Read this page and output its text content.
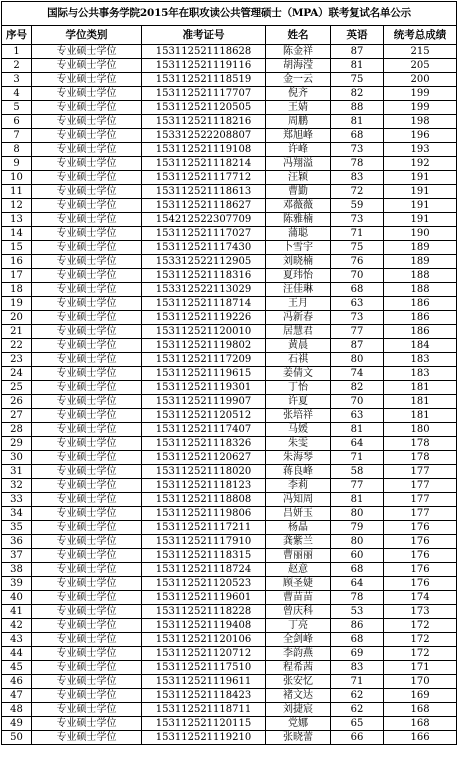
国际与公共事务学院2015年在职攻读公共管理硕士（MPA）联考复试名单公示					
序号	学位类别	准考证号	姓名	英语	统考总成绩
1	专业硕士学位	153112521118628	陈金祥	87	215
2	专业硕士学位	153112521119116	胡海滢	81	205
3	专业硕士学位	153112521118519	金一云	75	200
4	专业硕士学位	153112521117707	倪齐	82	199
5	专业硕士学位	153112521120505	王婧	88	199
6	专业硕士学位	153112521118216	周鹏	81	198
7	专业硕士学位	153312522208807	郑旭峰	68	196
8	专业硕士学位	153112521119108	许峰	73	193
9	专业硕士学位	153112521118214	冯翔溢	78	192
10	专业硕士学位	153112521117712	汪颖	83	191
11	专业硕士学位	153112521118613	曹勤	72	191
12	专业硕士学位	153112521118627	邓薇薇	59	191
13	专业硕士学位	154212522307709	陈雅楠	73	191
14	专业硕士学位	153112521117027	蒲聪	71	190
15	专业硕士学位	153112521117430	卜雪宇	75	189
16	专业硕士学位	153312522112905	刘晓楠	76	189
17	专业硕士学位	153112521118316	夏玮怡	70	188
18	专业硕士学位	153312522113029	汪佳琳	68	188
19	专业硕士学位	153112521118714	王月	63	186
20	专业硕士学位	153112521119226	冯新春	73	186
21	专业硕士学位	153112521120010	居慧君	77	186
22	专业硕士学位	153112521119802	黄晨	87	184
23	专业硕士学位	153112521117209	石祺	80	183
24	专业硕士学位	153112521119615	姜倩文	74	183
25	专业硕士学位	153112521119301	丁怡	82	181
26	专业硕士学位	153112521119907	许夏	70	181
27	专业硕士学位	153112521120512	张培祥	63	181
28	专业硕士学位	153112521117407	马媛	81	180
29	专业硕士学位	153112521118326	朱雯	64	178
30	专业硕士学位	153112521120627	朱海琴	71	178
31	专业硕士学位	153112521118020	蒋良峰	58	177
32	专业硕士学位	153112521118123	李莉	77	177
33	专业硕士学位	153112521118808	冯知周	81	177
34	专业硕士学位	153112521119806	吕妍玉	80	177
35	专业硕士学位	153112521117211	杨晶	79	176
36	专业硕士学位	153112521117910	龚紫兰	80	176
37	专业硕士学位	153112521118315	曹丽丽	60	176
38	专业硕士学位	153112521118724	赵意	68	176
39	专业硕士学位	153112521120523	顾圣婕	64	176
40	专业硕士学位	153112521119601	曹苗苗	78	174
41	专业硕士学位	153112521118228	曾庆科	53	173
42	专业硕士学位	153112521119408	丁亮	86	172
43	专业硕士学位	153112521120106	全剑峰	68	172
44	专业硕士学位	153112521120712	李韵燕	69	172
45	专业硕士学位	153112521117510	程希茜	83	171
46	专业硕士学位	153112521119611	张安忆	71	170
47	专业硕士学位	153112521118423	褚文达	62	169
48	专业硕士学位	153112521118711	刘捷宸	62	168
49	专业硕士学位	153112521120115	党娜	65	168
50	专业硕士学位	153112521119210	张晓蕾	66	166
